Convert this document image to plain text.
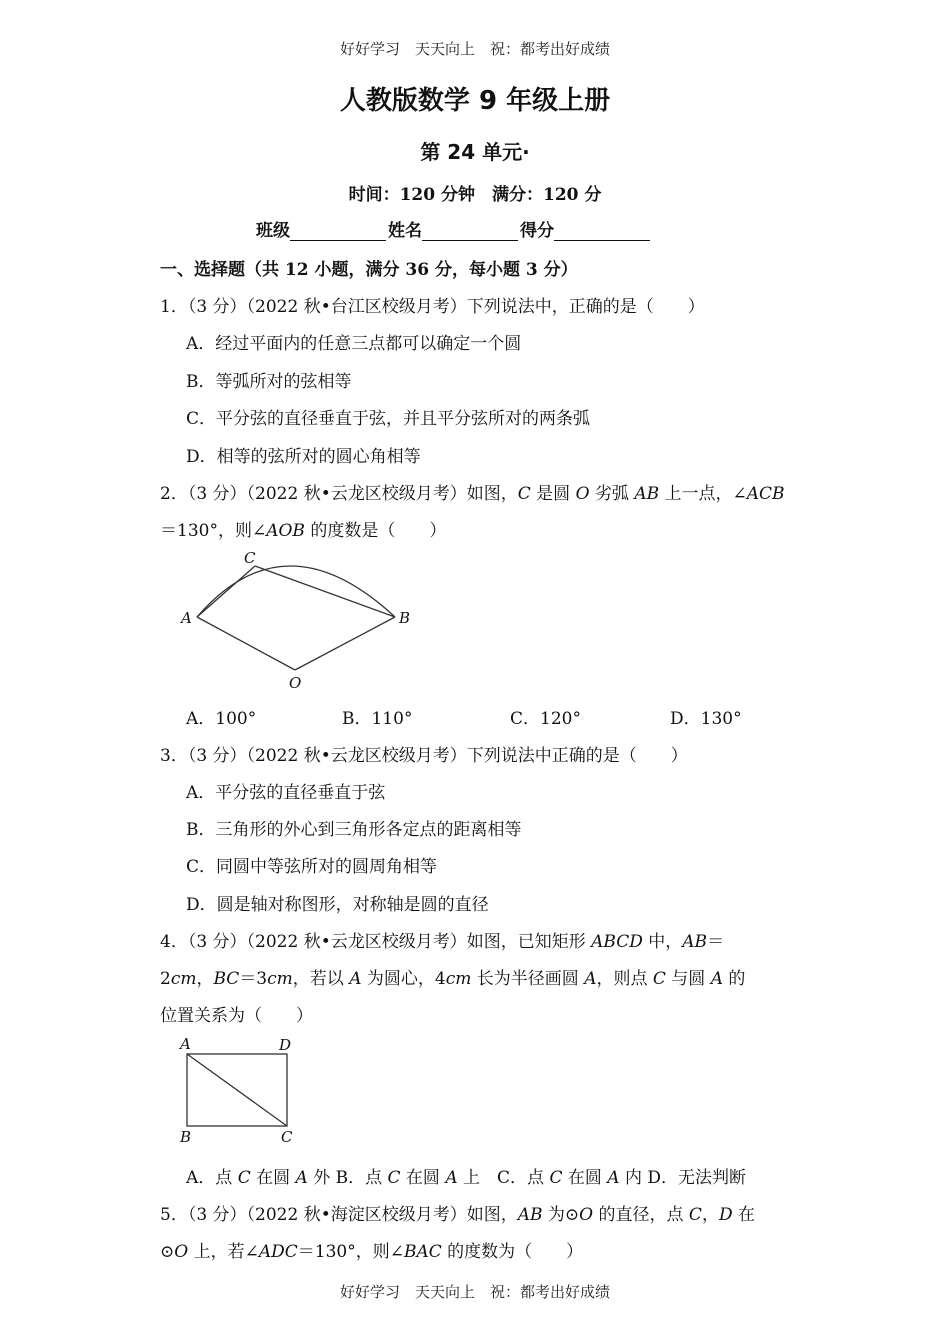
好好学习　天天向上　祝：都考出好成绩
人教版数学 9 年级上册
第 24 单元·
时间：120 分钟　满分：120 分
班级	姓名	得分
一、选择题（共 12 小题，满分 36 分，每小题 3 分）
1．（3 分）（2022 秋•台江区校级月考）下列说法中，正确的是（　　）
A．经过平面内的任意三点都可以确定一个圆
B．等弧所对的弦相等
C．平分弦的直径垂直于弦，并且平分弦所对的两条弧
D．相等的弦所对的圆心角相等
2．（3 分）（2022 秋•云龙区校级月考）如图，C 是圆 O 劣弧 AB 上一点，∠ACB
＝130°，则∠AOB 的度数是（　　）
C
A	B
O
A．100°	B．110°	C．120°	D．130°
3．（3 分）（2022 秋•云龙区校级月考）下列说法中正确的是（　　）
A．平分弦的直径垂直于弦
B．三角形的外心到三角形各定点的距离相等
C．同圆中等弦所对的圆周角相等
D．圆是轴对称图形，对称轴是圆的直径
4．（3 分）（2022 秋•云龙区校级月考）如图，已知矩形 ABCD 中，AB＝
2cm，BC＝3cm，若以 A 为圆心，4cm 长为半径画圆 A，则点 C 与圆 A 的
位置关系为（　　）
A	D
B	C
A．点 C 在圆 A 外 B．点 C 在圆 A 上　C．点 C 在圆 A 内 D．无法判断
5．（3 分）（2022 秋•海淀区校级月考）如图，AB 为⊙O 的直径，点 C，D 在
⊙O 上，若∠ADC＝130°，则∠BAC 的度数为（　　）
好好学习　天天向上　祝：都考出好成绩
